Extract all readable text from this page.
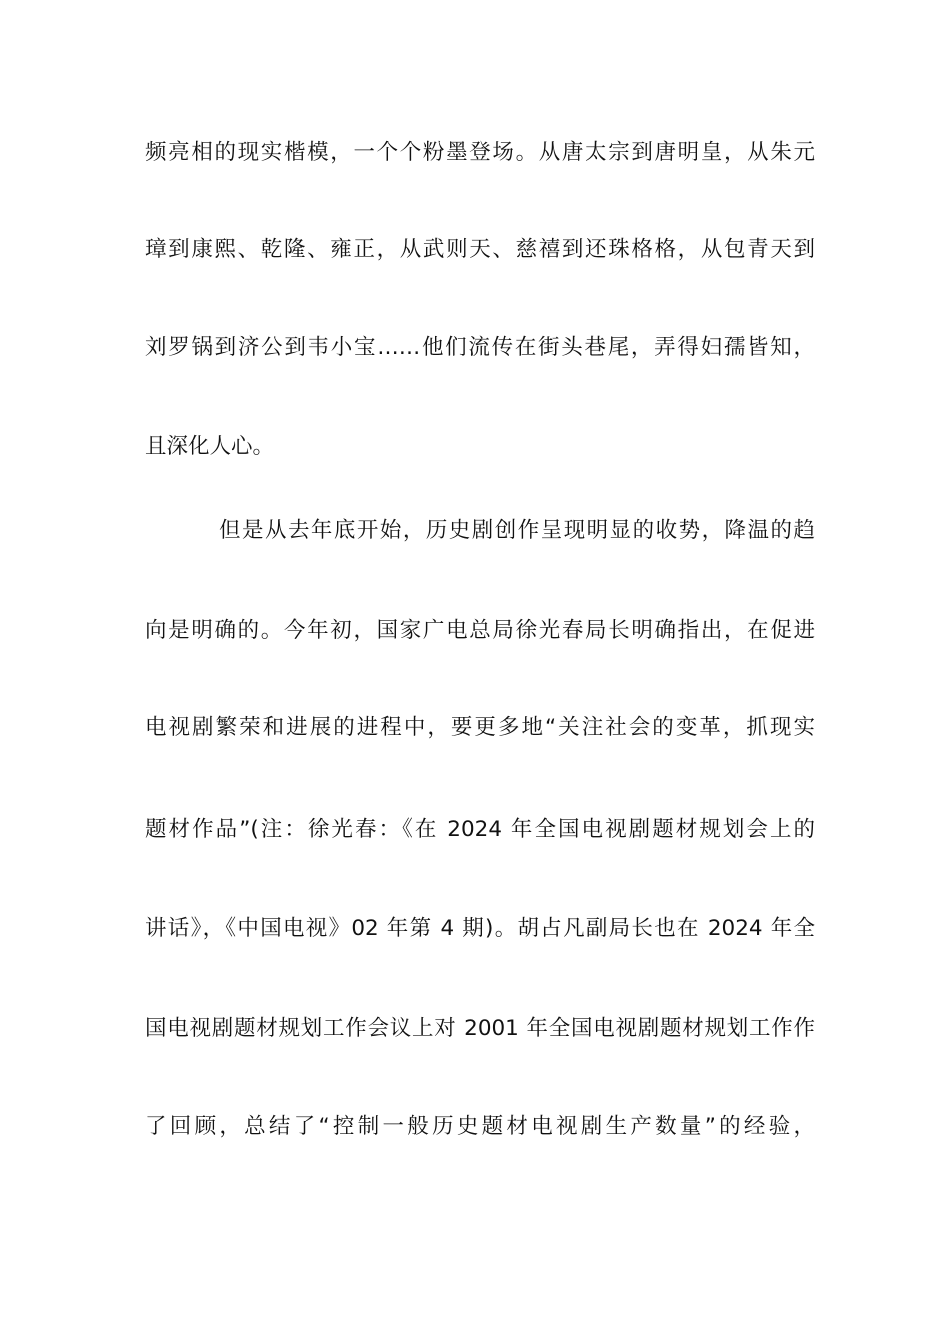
频亮相的现实楷模，一个个粉墨登场。从唐太宗到唐明皇，从朱元
璋到康熙、乾隆、雍正，从武则天、慈禧到还珠格格，从包青天到
刘罗锅到济公到韦小宝……他们流传在街头巷尾，弄得妇孺皆知，
且深化人心。
但是从去年底开始，历史剧创作呈现明显的收势，降温的趋
向是明确的。今年初，国家广电总局徐光春局长明确指出，在促进
电视剧繁荣和进展的进程中，要更多地“关注社会的变革，抓现实
题材作品”(注：徐光春：《在 2024 年全国电视剧题材规划会上的
讲话》，《中国电视》02 年第 4 期)。胡占凡副局长也在 2024 年全
国电视剧题材规划工作会议上对 2001 年全国电视剧题材规划工作作
了回顾，总结了“控制一般历史题材电视剧生产数量”的经验，
